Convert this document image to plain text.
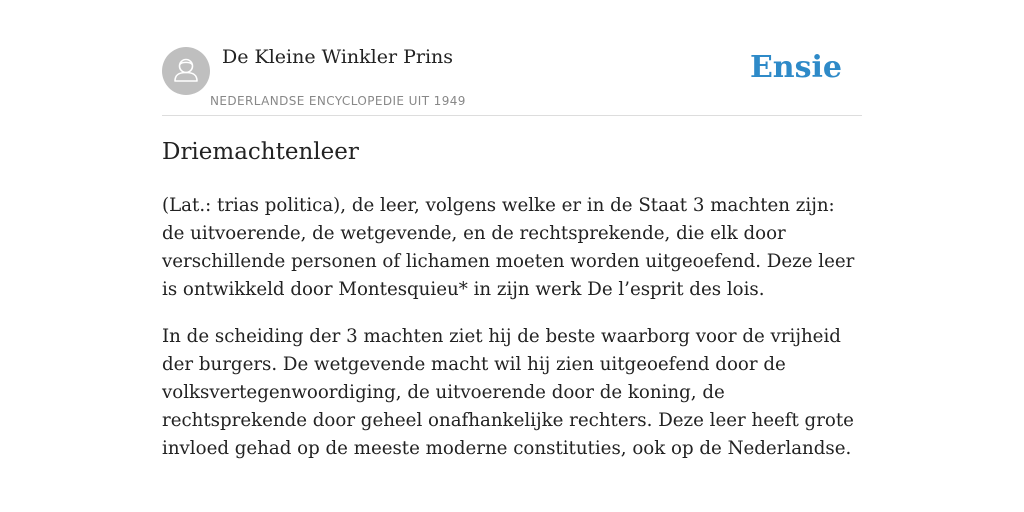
De Kleine Winkler Prins
NEDERLANDSE ENCYCLOPEDIE UIT 1949
Ensie
Driemachtenleer

(Lat.: trias politica), de leer, volgens welke er in de Staat 3 machten zijn: de uitvoerende, de wetgevende, en de rechtsprekende, die elk door verschillende personen of lichamen moeten worden uitgeoefend. Deze leer is ontwikkeld door Montesquieu* in zijn werk De l’esprit des lois.

In de scheiding der 3 machten ziet hij de beste waarborg voor de vrijheid der burgers. De wetgevende macht wil hij zien uitgeoefend door de volksvertegenwoordiging, de uitvoerende door de koning, de rechtsprekende door geheel onafhankelijke rechters. Deze leer heeft grote invloed gehad op de meeste moderne constituties, ook op de Nederlandse.
